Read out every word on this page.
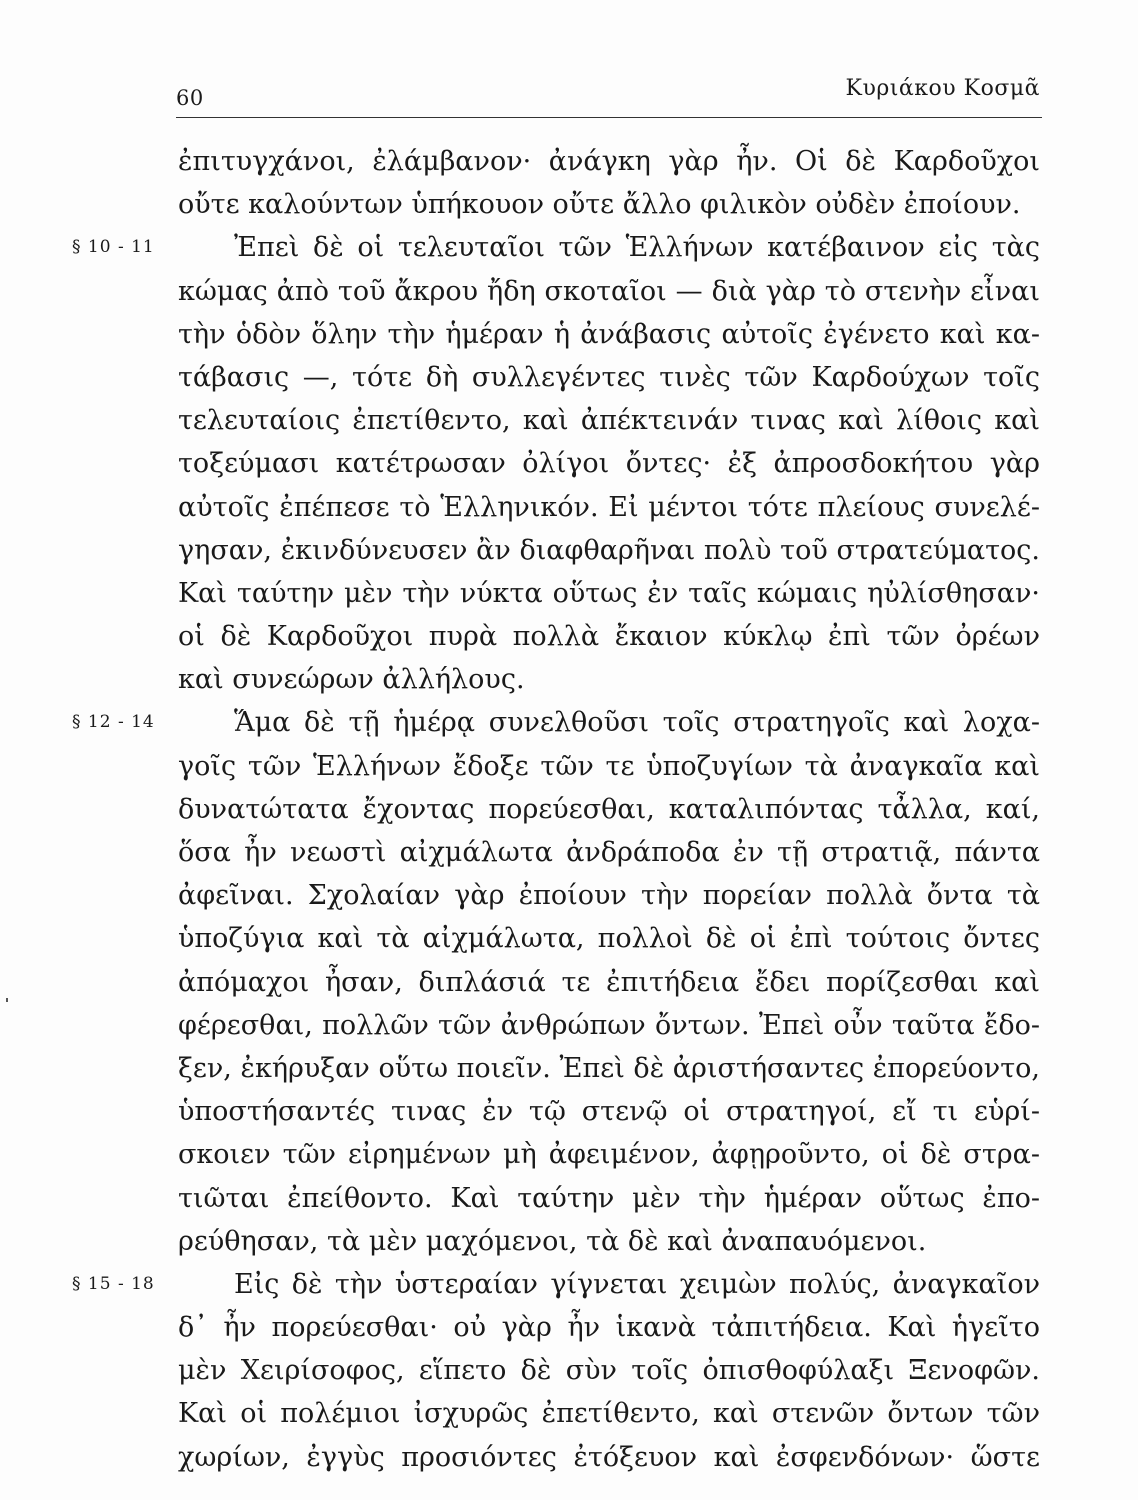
60	Κυριάκου Κοσμᾶ
ἐπιτυγχάνοι, ἐλάμβανον· ἀνάγκη γὰρ ἦν. Οἱ δὲ Καρδοῦχοι
οὔτε καλούντων ὑπήκουον οὔτε ἄλλο φιλικὸν οὐδὲν ἐποίουν.
§ 10 - 11	Ἐπεὶ δὲ οἱ τελευταῖοι τῶν Ἑλλήνων κατέβαινον εἰς τὰς
κώμας ἀπὸ τοῦ ἄκρου ἤδη σκοταῖοι — διὰ γὰρ τὸ στενὴν εἶναι
τὴν ὁδὸν ὅλην τὴν ἡμέραν ἡ ἀνάβασις αὐτοῖς ἐγένετο καὶ κα-
τάβασις —, τότε δὴ συλλεγέντες τινὲς τῶν Καρδούχων τοῖς
τελευταίοις ἐπετίθεντο, καὶ ἀπέκτεινάν τινας καὶ λίθοις καὶ
τοξεύμασι κατέτρωσαν ὀλίγοι ὄντες· ἐξ ἀπροσδοκήτου γὰρ
αὐτοῖς ἐπέπεσε τὸ Ἑλληνικόν. Εἰ μέντοι τότε πλείους συνελέ-
γησαν, ἐκινδύνευσεν ἂν διαφθαρῆναι πολὺ τοῦ στρατεύματος.
Καὶ ταύτην μὲν τὴν νύκτα οὕτως ἐν ταῖς κώμαις ηὐλίσθησαν·
οἱ δὲ Καρδοῦχοι πυρὰ πολλὰ ἔκαιον κύκλῳ ἐπὶ τῶν ὀρέων
καὶ συνεώρων ἀλλήλους.
§ 12 - 14	Ἅμα δὲ τῇ ἡμέρᾳ συνελθοῦσι τοῖς στρατηγοῖς καὶ λοχα-
γοῖς τῶν Ἑλλήνων ἔδοξε τῶν τε ὑποζυγίων τὰ ἀναγκαῖα καὶ
δυνατώτατα ἔχοντας πορεύεσθαι, καταλιπόντας τἆλλα, καί,
ὅσα ἦν νεωστὶ αἰχμάλωτα ἀνδράποδα ἐν τῇ στρατιᾷ, πάντα
ἀφεῖναι. Σχολαίαν γὰρ ἐποίουν τὴν πορείαν πολλὰ ὄντα τὰ
ὑποζύγια καὶ τὰ αἰχμάλωτα, πολλοὶ δὲ οἱ ἐπὶ τούτοις ὄντες
ἀπόμαχοι ἦσαν, διπλάσιά τε ἐπιτήδεια ἔδει πορίζεσθαι καὶ
φέρεσθαι, πολλῶν τῶν ἀνθρώπων ὄντων. Ἐπεὶ οὖν ταῦτα ἔδο-
ξεν, ἐκήρυξαν οὕτω ποιεῖν. Ἐπεὶ δὲ ἀριστήσαντες ἐπορεύοντο,
ὑποστήσαντές τινας ἐν τῷ στενῷ οἱ στρατηγοί, εἴ τι εὑρί-
σκοιεν τῶν εἰρημένων μὴ ἀφειμένον, ἀφῃροῦντο, οἱ δὲ στρα-
τιῶται ἐπείθοντο. Καὶ ταύτην μὲν τὴν ἡμέραν οὕτως ἐπο-
ρεύθησαν, τὰ μὲν μαχόμενοι, τὰ δὲ καὶ ἀναπαυόμενοι.
§ 15 - 18	Εἰς δὲ τὴν ὑστεραίαν γίγνεται χειμὼν πολύς, ἀναγκαῖον
δ᾽ ἦν πορεύεσθαι· οὐ γὰρ ἦν ἱκανὰ τἀπιτήδεια. Καὶ ἡγεῖτο
μὲν Χειρίσοφος, εἵπετο δὲ σὺν τοῖς ὀπισθοφύλαξι Ξενοφῶν.
Καὶ οἱ πολέμιοι ἰσχυρῶς ἐπετίθεντο, καὶ στενῶν ὄντων τῶν
χωρίων, ἐγγὺς προσιόντες ἐτόξευον καὶ ἐσφενδόνων· ὥστε
